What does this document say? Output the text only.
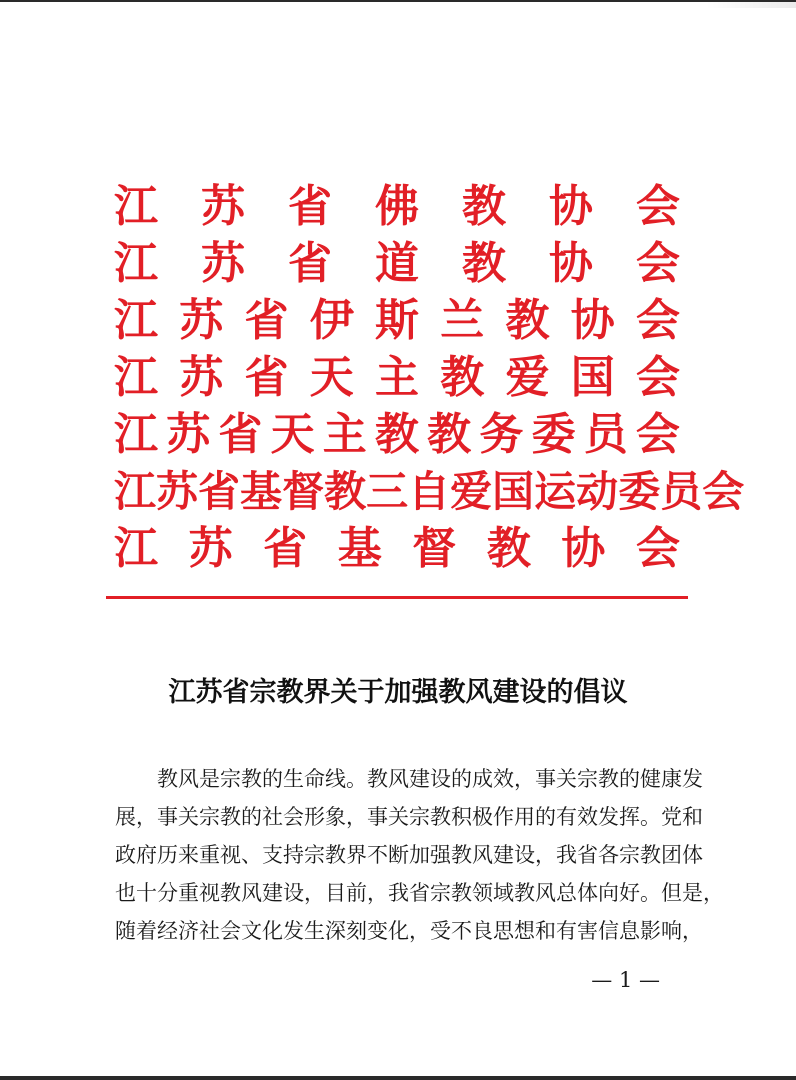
江 苏 省 佛 教 协 会
江 苏 省 道 教 协 会
江 苏 省 伊 斯 兰 教 协 会
江 苏 省 天 主 教 爱 国 会
江 苏 省 天 主 教 教 务 委 员 会
江 苏 省 基 督 教 三 自 爱 国 运 动 委 员 会
江 苏 省 基 督 教 协 会
江苏省宗教界关于加强教风建设的倡议
教风是宗教的生命线。教风建设的成效，事关宗教的健康发
展，事关宗教的社会形象，事关宗教积极作用的有效发挥。党和
政府历来重视、支持宗教界不断加强教风建设，我省各宗教团体
也十分重视教风建设，目前，我省宗教领域教风总体向好。但是，
随着经济社会文化发生深刻变化，受不良思想和有害信息影响，
— 1 —
